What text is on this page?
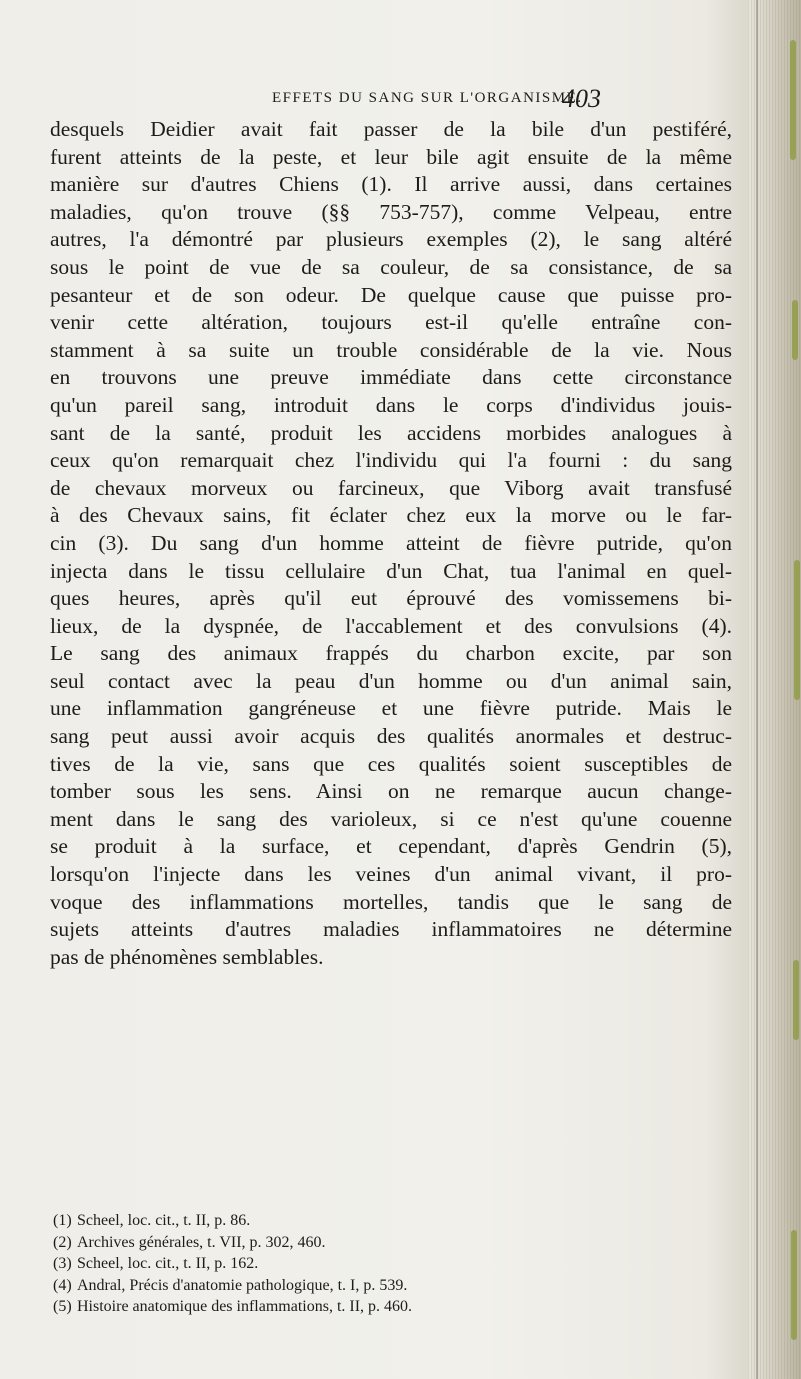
EFFETS DU SANG SUR L'ORGANISME.
403
desquels Deidier avait fait passer de la bile d'un pestiféré,
furent atteints de la peste, et leur bile agit ensuite de la même
manière sur d'autres Chiens (1). Il arrive aussi, dans certaines
maladies, qu'on trouve (§§ 753-757), comme Velpeau, entre
autres, l'a démontré par plusieurs exemples (2), le sang altéré
sous le point de vue de sa couleur, de sa consistance, de sa
pesanteur et de son odeur. De quelque cause que puisse pro-
venir cette altération, toujours est-il qu'elle entraîne con-
stamment à sa suite un trouble considérable de la vie. Nous
en trouvons une preuve immédiate dans cette circonstance
qu'un pareil sang, introduit dans le corps d'individus jouis-
sant de la santé, produit les accidens morbides analogues à
ceux qu'on remarquait chez l'individu qui l'a fourni : du sang
de chevaux morveux ou farcineux, que Viborg avait transfusé
à des Chevaux sains, fit éclater chez eux la morve ou le far-
cin (3). Du sang d'un homme atteint de fièvre putride, qu'on
injecta dans le tissu cellulaire d'un Chat, tua l'animal en quel-
ques heures, après qu'il eut éprouvé des vomissemens bi-
lieux, de la dyspnée, de l'accablement et des convulsions (4).
Le sang des animaux frappés du charbon excite, par son
seul contact avec la peau d'un homme ou d'un animal sain,
une inflammation gangréneuse et une fièvre putride. Mais le
sang peut aussi avoir acquis des qualités anormales et destruc-
tives de la vie, sans que ces qualités soient susceptibles de
tomber sous les sens. Ainsi on ne remarque aucun change-
ment dans le sang des varioleux, si ce n'est qu'une couenne
se produit à la surface, et cependant, d'après Gendrin (5),
lorsqu'on l'injecte dans les veines d'un animal vivant, il pro-
voque des inflammations mortelles, tandis que le sang de
sujets atteints d'autres maladies inflammatoires ne détermine
pas de phénomènes semblables.
(1) Scheel, loc. cit., t. II, p. 86.
(2) Archives générales, t. VII, p. 302, 460.
(3) Scheel, loc. cit., t. II, p. 162.
(4) Andral, Précis d'anatomie pathologique, t. I, p. 539.
(5) Histoire anatomique des inflammations, t. II, p. 460.
